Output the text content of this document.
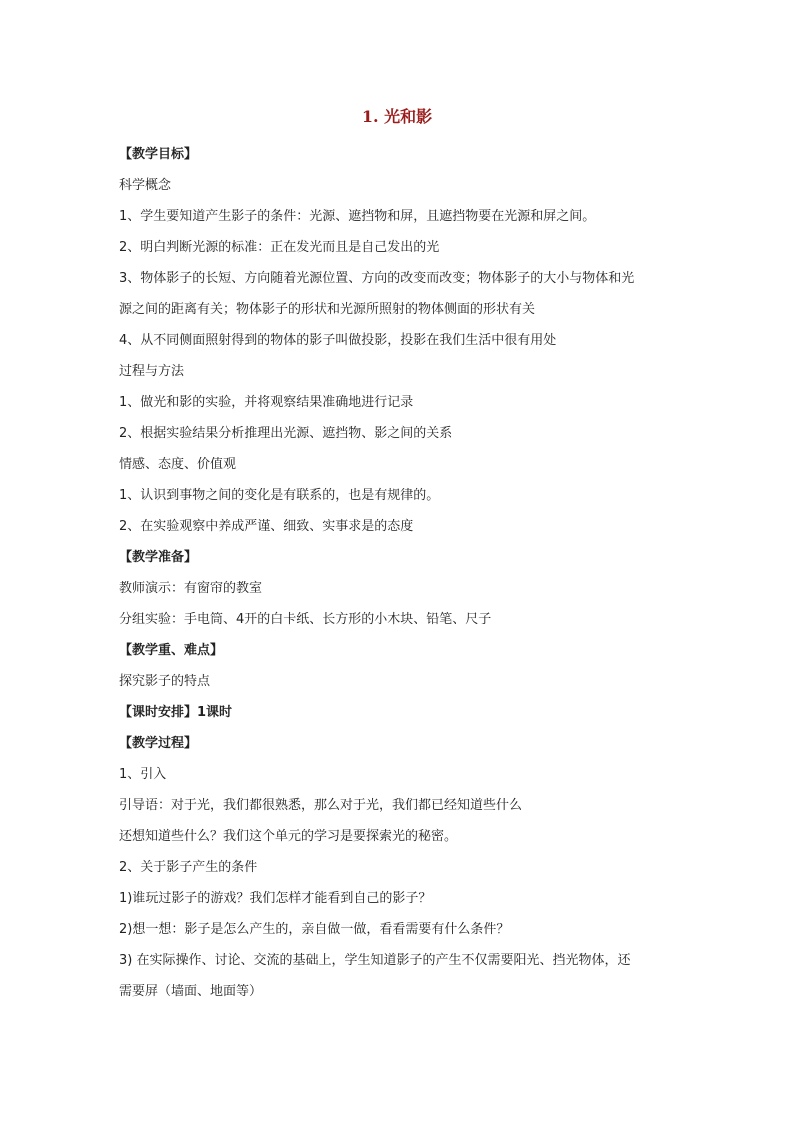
1. 光和影
【教学目标】
科学概念
1、学生要知道产生影子的条件：光源、遮挡物和屏，且遮挡物要在光源和屏之间。
2、明白判断光源的标准：正在发光而且是自己发出的光
3、物体影子的长短、方向随着光源位置、方向的改变而改变；物体影子的大小与物体和光
源之间的距离有关；物体影子的形状和光源所照射的物体侧面的形状有关
4、从不同侧面照射得到的物体的影子叫做投影，投影在我们生活中很有用处
过程与方法
1、做光和影的实验，并将观察结果准确地进行记录
2、根据实验结果分析推理出光源、遮挡物、影之间的关系
情感、态度、价值观
1、认识到事物之间的变化是有联系的，也是有规律的。
2、在实验观察中养成严谨、细致、实事求是的态度
【教学准备】
教师演示：有窗帘的教室
分组实验：手电筒、4开的白卡纸、长方形的小木块、铅笔、尺子
【教学重、难点】
探究影子的特点
【课时安排】1课时
【教学过程】
1、引入
引导语：对于光，我们都很熟悉，那么对于光，我们都已经知道些什么
还想知道些什么？我们这个单元的学习是要探索光的秘密。
2、关于影子产生的条件
1)谁玩过影子的游戏？我们怎样才能看到自己的影子？
2)想一想：影子是怎么产生的，亲自做一做，看看需要有什么条件？
3) 在实际操作、讨论、交流的基础上，学生知道影子的产生不仅需要阳光、挡光物体，还
需要屏（墙面、地面等）
